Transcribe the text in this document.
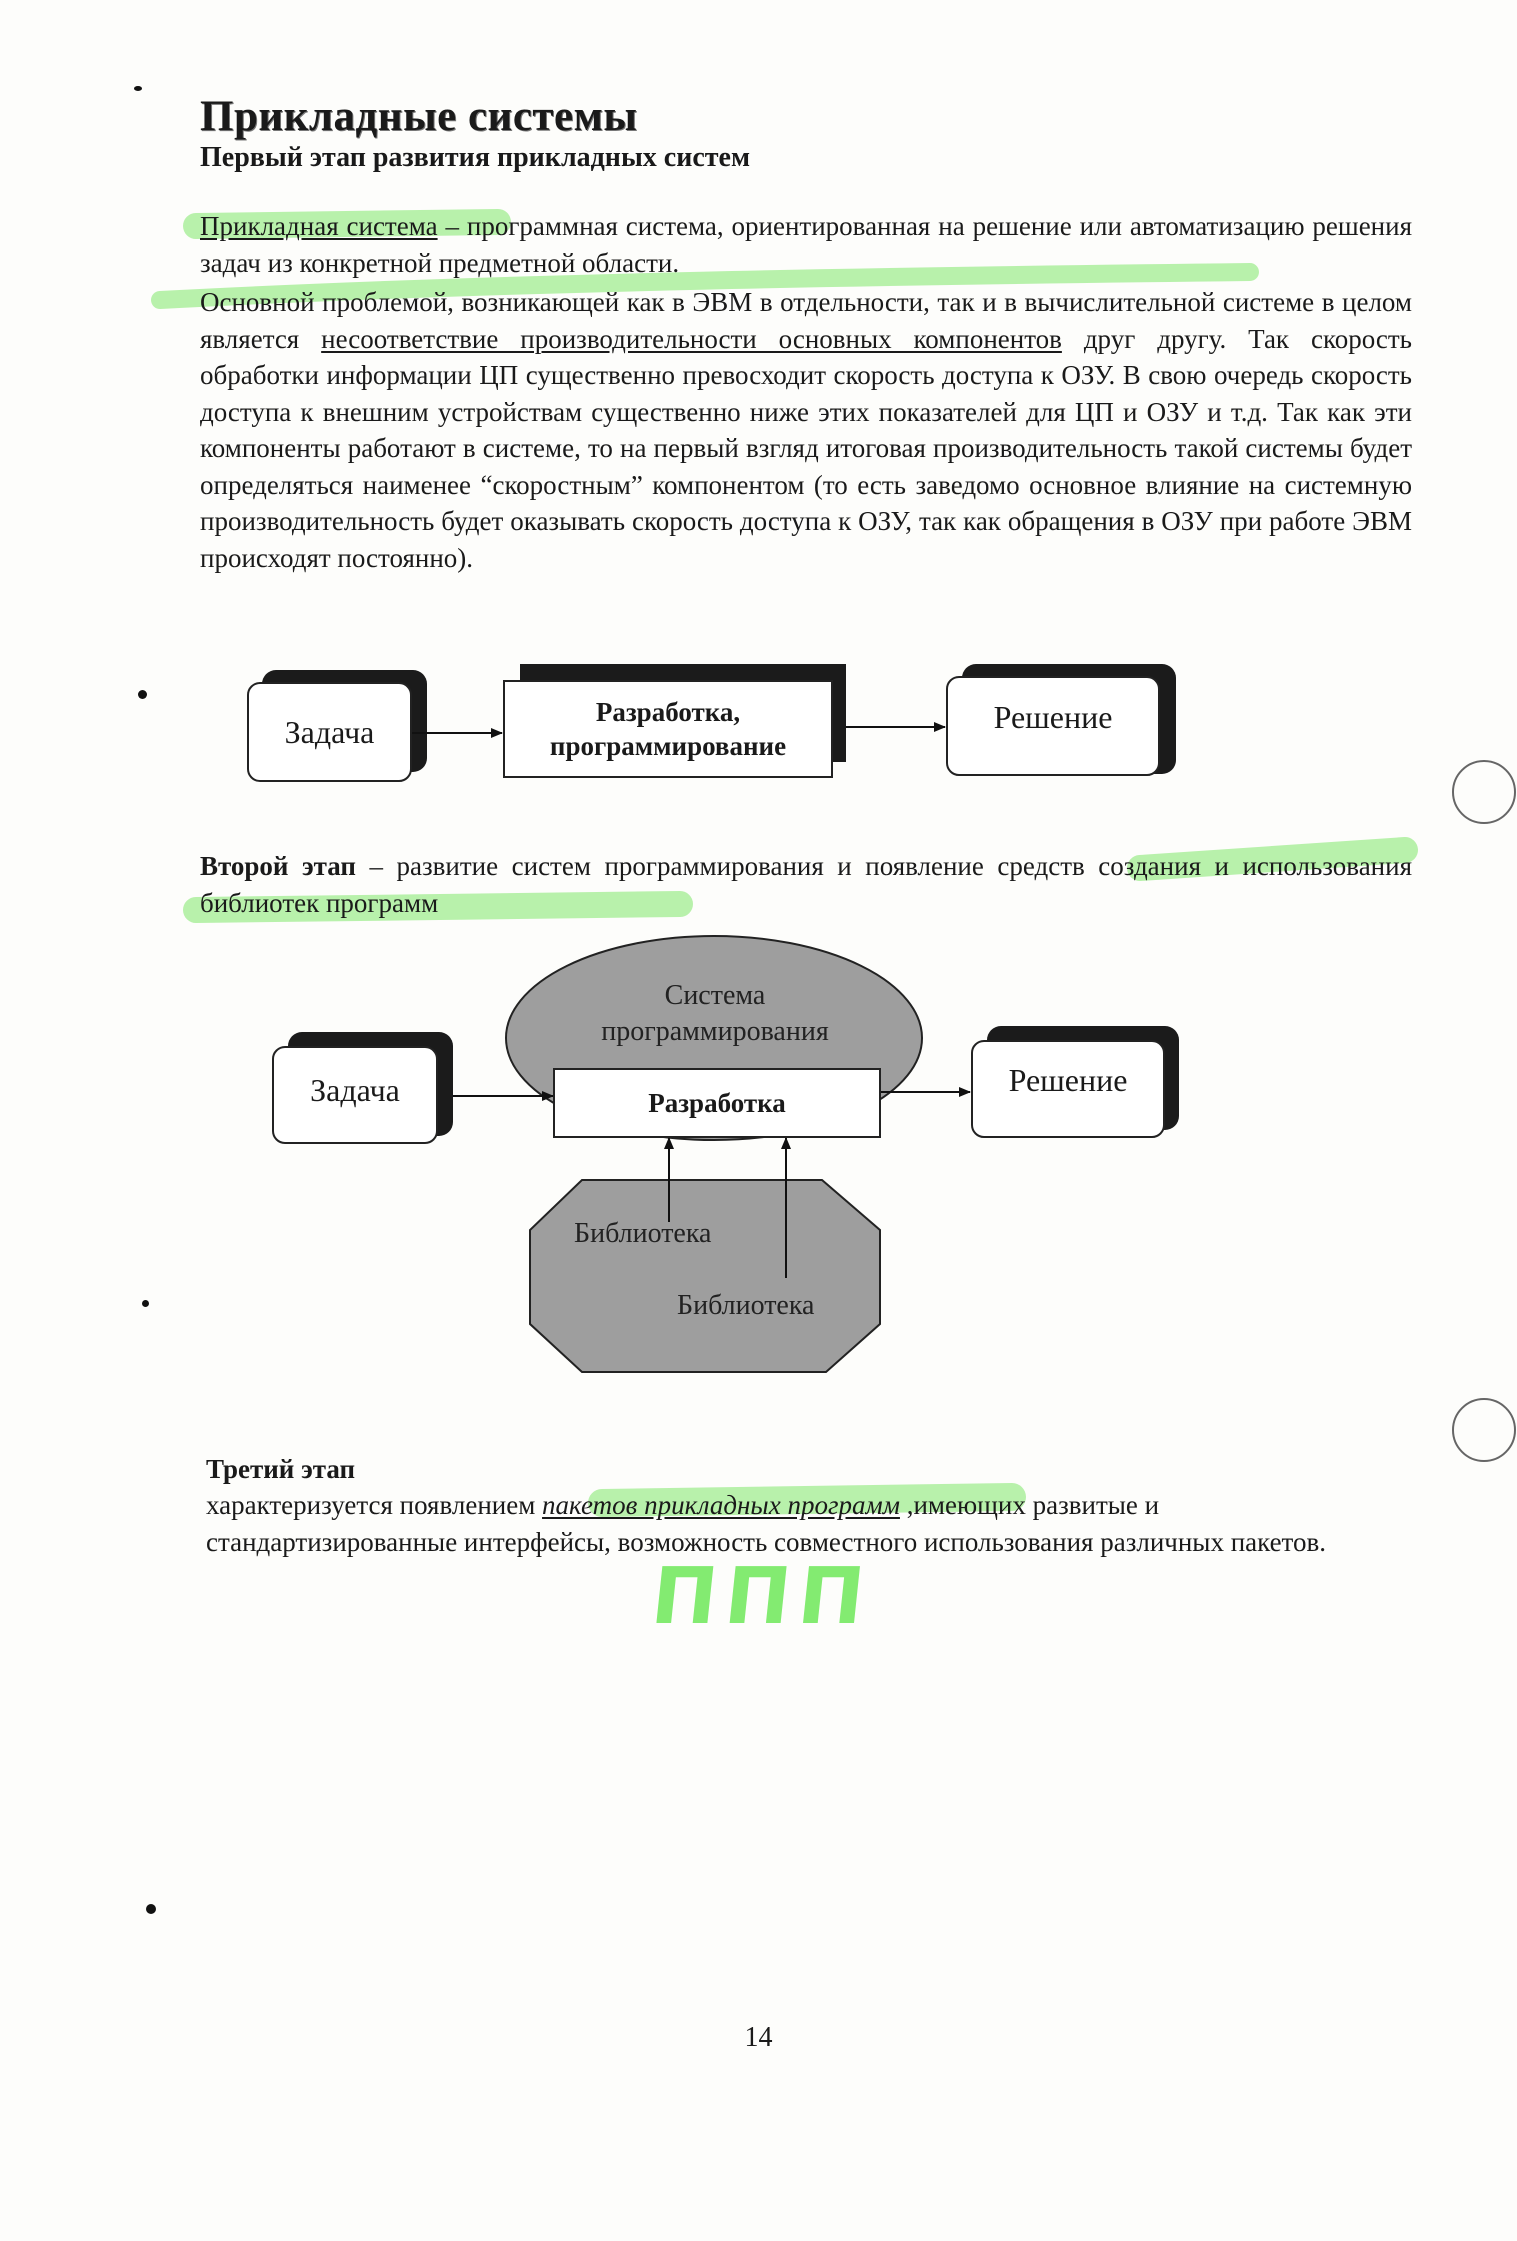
Прикладные системы
Первый этап развития прикладных систем
Прикладная система – программная система, ориентированная на решение или автоматизацию решения задач из конкретной предметной области.
Основной проблемой, возникающей как в ЭВМ в отдельности, так и в вычислительной системе в целом является несоответствие производительности основных компонентов друг другу. Так скорость обработки информации ЦП существенно превосходит скорость доступа к ОЗУ. В свою очередь скорость доступа к внешним устройствам существенно ниже этих показателей для ЦП и ОЗУ и т.д. Так как эти компоненты работают в системе, то на первый взгляд итоговая производительность такой системы будет определяться наименее “скоростным” компонентом (то есть заведомо основное влияние на системную производительность будет оказывать скорость доступа к ОЗУ, так как обращения в ОЗУ при работе ЭВМ происходят постоянно).
Задача
Разработка,
программирование
Решение
Второй этап – развитие систем программирования и появление средств создания и использования библиотек программ
Система
программирования
Задача	Разработка
Решение
Библиотека
Библиотека
Третий этап
характеризуется появлением пакетов прикладных программ ,имеющих развитые и стандартизированные интерфейсы, возможность совместного использования различных пакетов.
ППП
14
